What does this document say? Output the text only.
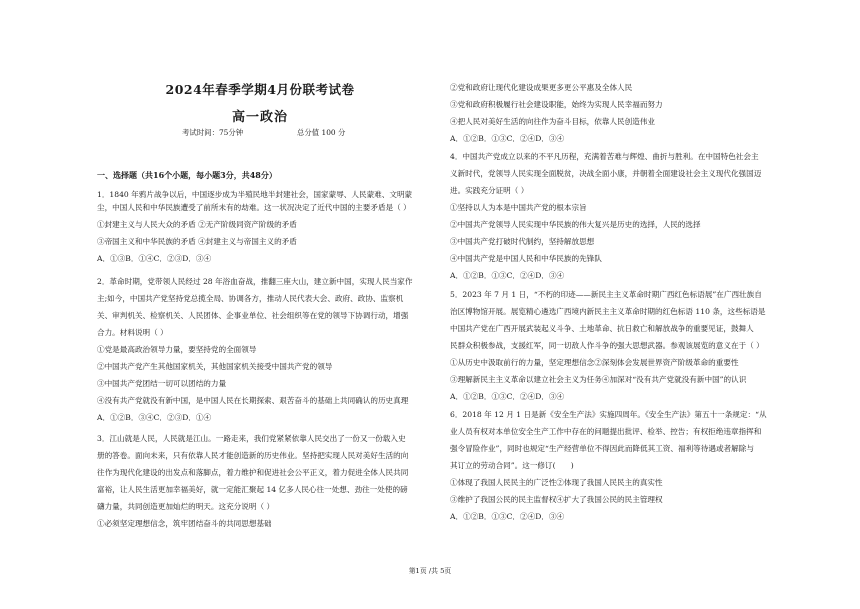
2024年春季学期4月份联考试卷
高一政治
考试时间：75分钟	总分值 100 分
一、选择题（共16个小题，每小题3分，共48分）

1．1840 年鸦片战争以后，中国逐步成为半殖民地半封建社会，国家蒙辱、人民蒙难、文明蒙

尘，中国人民和中华民族遭受了前所未有的劫难。这一状况决定了近代中国的主要矛盾是（ ）

①封建主义与人民大众的矛盾 ②无产阶级同资产阶级的矛盾

③帝国主义和中华民族的矛盾 ④封建主义与帝国主义的矛盾

A．①③B．①④C．②③D．③④

2．革命时期，党带领人民经过 28 年浴血奋战，推翻三座大山，建立新中国，实现人民当家作

主;如今，中国共产党坚持党总揽全局、协调各方，推动人民代表大会、政府、政协、监察机

关、审判机关、检察机关、人民团体、企事业单位、社会组织等在党的领导下协调行动，增强

合力。材料说明（ ）

①党是最高政治领导力量，要坚持党的全面领导

②中国共产党产生其他国家机关，其他国家机关接受中国共产党的领导

③中国共产党团结一切可以团结的力量

④没有共产党就没有新中国，是中国人民在长期探索、艰苦奋斗的基础上共同确认的历史真理

A．①②B．③④C．②③D．①④

3．江山就是人民，人民就是江山。一路走来，我们党紧紧依靠人民交出了一份又一份载入史

册的答卷。面向未来，只有依靠人民才能创造新的历史伟业。坚持把实现人民对美好生活的向

往作为现代化建设的出发点和落脚点，着力维护和促进社会公平正义，着力促进全体人民共同

富裕，让人民生活更加幸福美好，就一定能汇聚起 14 亿多人民心往一处想、劲往一处使的磅

礴力量，共同创造更加灿烂的明天。这充分说明（ ）

①必须坚定理想信念，筑牢团结奋斗的共同思想基础

②党和政府让现代化建设成果更多更公平惠及全体人民

③党和政府积极履行社会建设职能，始终为实现人民幸福而努力

④把人民对美好生活的向往作为奋斗目标，依靠人民创造伟业

A．①②B．①③C．②④D．③④

4．中国共产党成立以来的不平凡历程，充满着苦难与辉煌、曲折与胜利。在中国特色社会主

义新时代，党领导人民实现全面脱贫，决战全面小康，并朝着全面建设社会主义现代化强国迈

进。实践充分证明（ ）

①坚持以人为本是中国共产党的根本宗旨

②中国共产党领导人民实现中华民族的伟大复兴是历史的选择，人民的选择

③中国共产党打破时代制约，坚持解放思想

④中国共产党是中国人民和中华民族的先锋队

A．①②B．①③C．②④D．③④

5．2023 年 7 月 1 日，“不朽的印迹——新民主主义革命时期广西红色标语展”在广西壮族自

治区博物馆开展。展览精心遴选广西境内新民主主义革命时期的红色标语 110 条，这些标语是

中国共产党在广西开展武装起义斗争、土地革命、抗日救亡和解放战争的重要见证，鼓舞人

民群众积极参战，支援红军，同一切敌人作斗争的强大思想武器。参观该展览的意义在于（ ）

①从历史中汲取前行的力量，坚定理想信念②深刻体会发展世界资产阶级革命的重要性

③理解新民主主义革命以建立社会主义为任务④加深对“没有共产党就没有新中国”的认识

A．①②B．①③C．②④D．③④

6．2018 年 12 月 1 日是新《安全生产法》实施四周年。《安全生产法》第五十一条规定：“从

业人员有权对本单位安全生产工作中存在的问题提出批评、检举、控告；有权拒绝违章指挥和

强令冒险作业”，同时也规定“生产经营单位不得因此而降低其工资、福利等待遇或者解除与

其订立的劳动合同”。这一修订(　　)

①体现了我国人民民主的广泛性②体现了我国人民民主的真实性

③维护了我国公民的民主监督权④扩大了我国公民的民主管理权

A．①②B．①③C．②④D．③④

第1页 /共 5页
